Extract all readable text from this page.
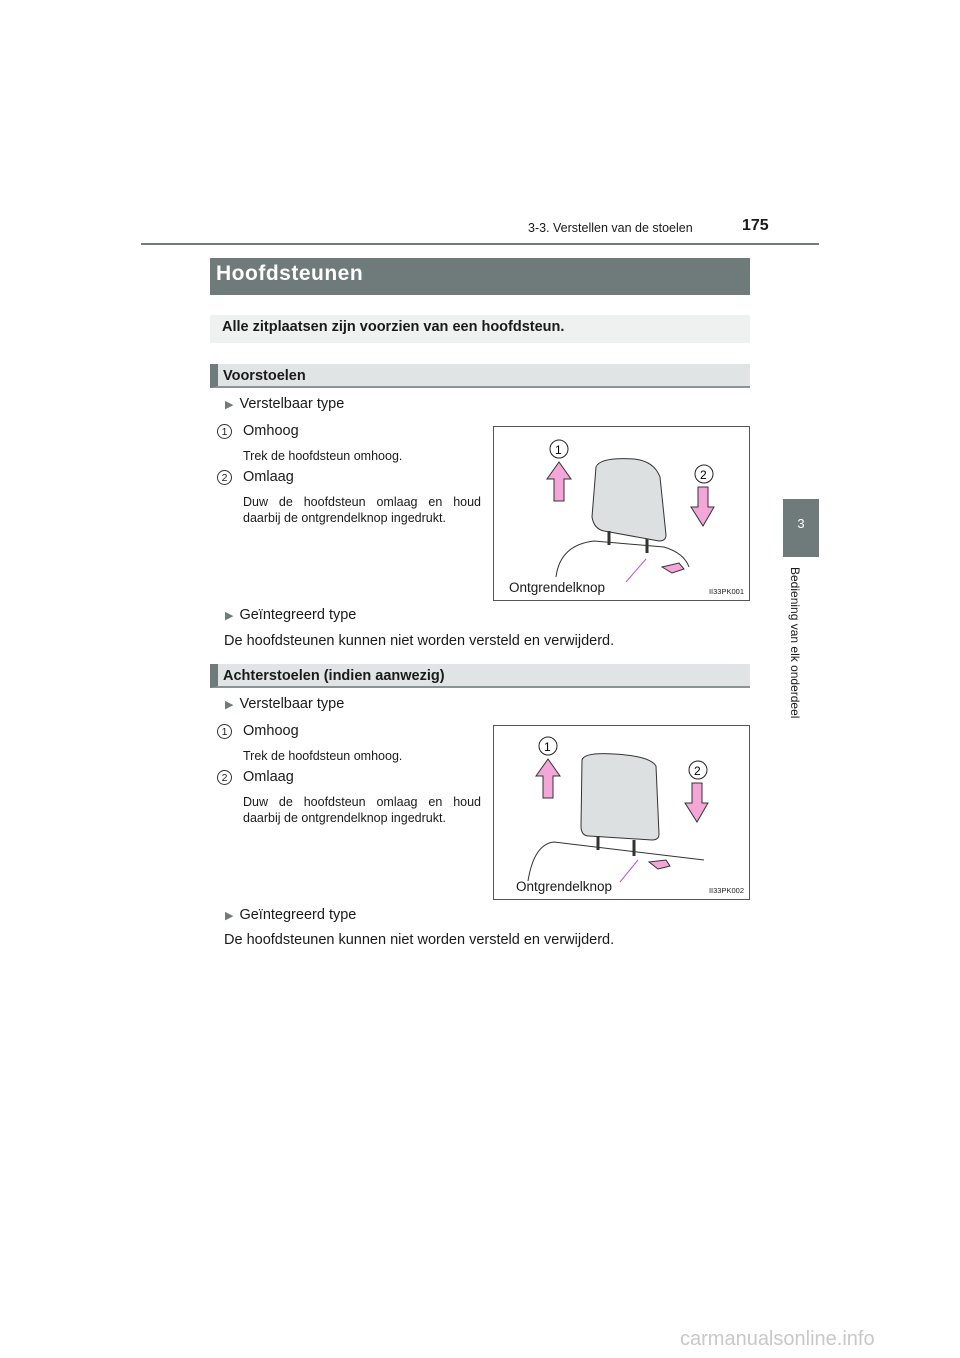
3-3. Verstellen van de stoelen	175
Hoofdsteunen
Alle zitplaatsen zijn voorzien van een hoofdsteun.
3
Bediening van elk onderdeel
Voorstoelen
▶ Verstelbaar type
1 Omhoog
Trek de hoofdsteun omhoog.
2 Omlaag
Duw de hoofdsteun omlaag en houd daarbij de ontgrendelknop ingedrukt.
1
2
Ontgrendelknop	II33PK001
▶ Geïntegreerd type
De hoofdsteunen kunnen niet worden versteld en verwijderd.
Achterstoelen (indien aanwezig)
▶ Verstelbaar type
1 Omhoog
Trek de hoofdsteun omhoog.
2 Omlaag
Duw de hoofdsteun omlaag en houd daarbij de ontgrendelknop ingedrukt.
1
2
Ontgrendelknop	II33PK002
▶ Geïntegreerd type
De hoofdsteunen kunnen niet worden versteld en verwijderd.
carmanualsonline.info
